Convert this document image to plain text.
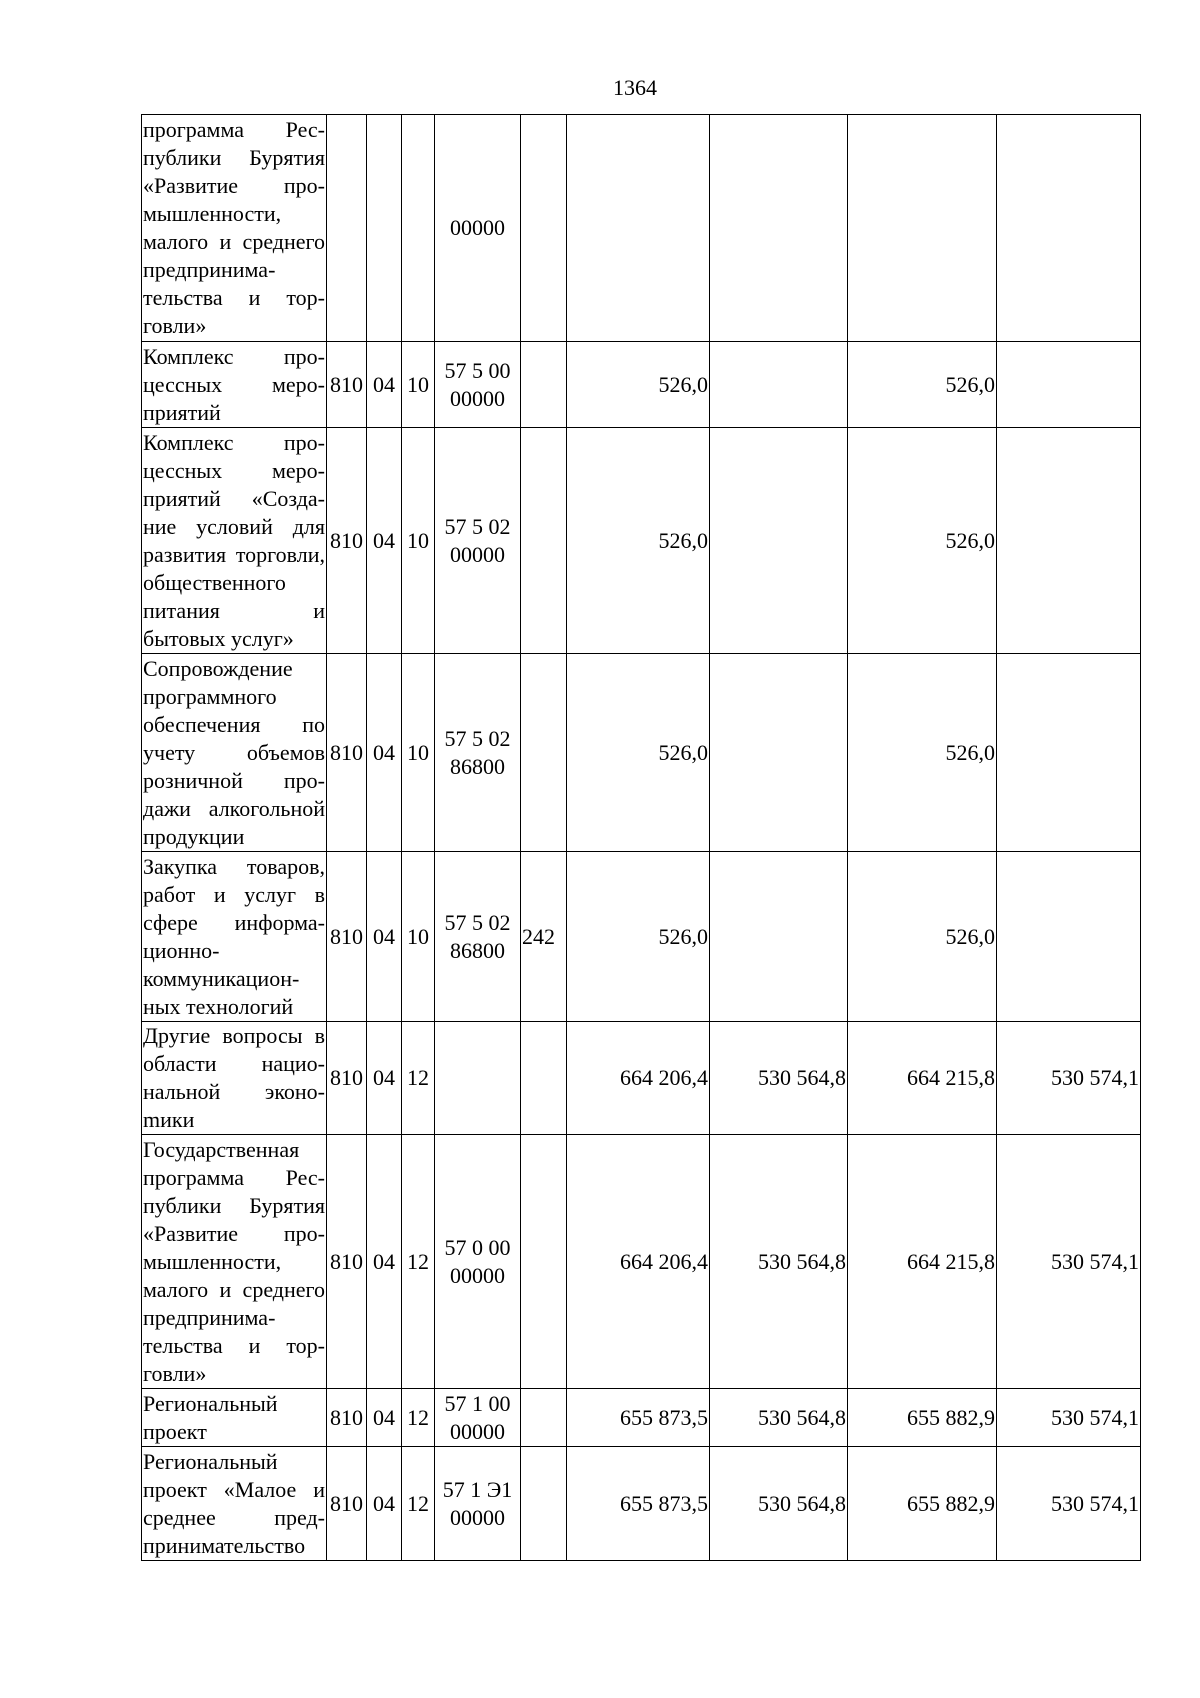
1364
программа Республики Бурятия «Развитие промышленности, малого и среднего предпринимательства и торговли»				00000					
Комплекс процессных мероприятий	810	04	10	57 5 00 00000		526,0		526,0	
Комплекс процессных мероприятий «Создание условий для развития торговли, общественного питания и бытовых услуг»	810	04	10	57 5 02 00000		526,0		526,0	
Сопровождение программного обеспечения по учету объемов розничной продажи алкогольной продукции	810	04	10	57 5 02 86800		526,0		526,0	
Закупка товаров, работ и услуг в сфере информационно-коммуникационных технологий	810	04	10	57 5 02 86800	242	526,0		526,0	
Другие вопросы в области национальной эконоmики	810	04	12			664 206,4	530 564,8	664 215,8	530 574,1
Государственная программа Республики Бурятия «Развитие промышленности, малого и среднего предпринимательства и торговли»	810	04	12	57 0 00 00000		664 206,4	530 564,8	664 215,8	530 574,1
Региональный проект	810	04	12	57 1 00 00000		655 873,5	530 564,8	655 882,9	530 574,1
Региональный проект «Малое и среднее предпринимательство	810	04	12	57 1 Э1 00000		655 873,5	530 564,8	655 882,9	530 574,1
